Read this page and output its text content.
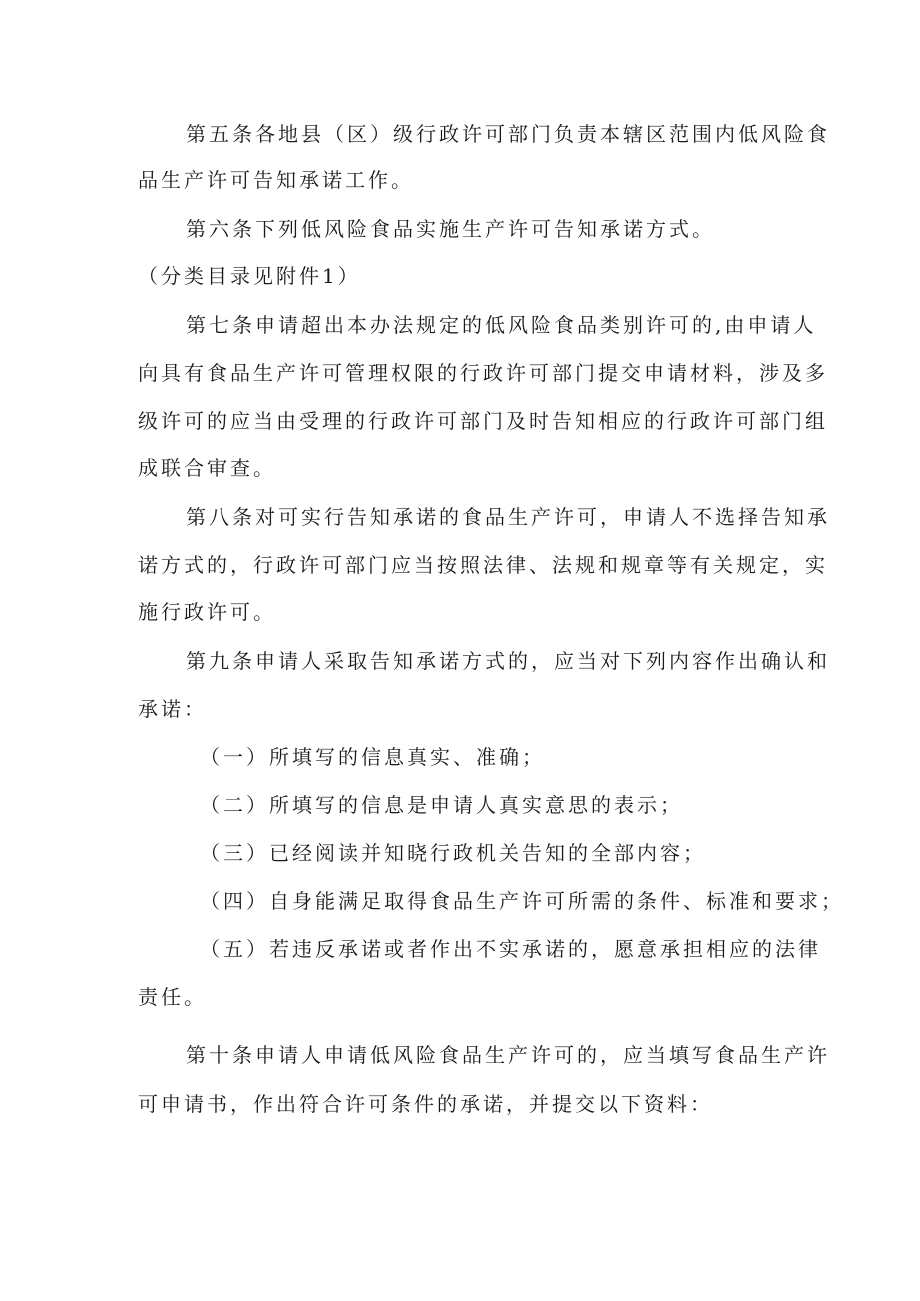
第五条各地县（区）级行政许可部门负责本辖区范围内低风险食
品生产许可告知承诺工作。
第六条下列低风险食品实施生产许可告知承诺方式。
（分类目录见附件1）
第七条申请超出本办法规定的低风险食品类别许可的,由申请人
向具有食品生产许可管理权限的行政许可部门提交申请材料，涉及多
级许可的应当由受理的行政许可部门及时告知相应的行政许可部门组
成联合审查。
第八条对可实行告知承诺的食品生产许可，申请人不选择告知承
诺方式的，行政许可部门应当按照法律、法规和规章等有关规定，实
施行政许可。
第九条申请人采取告知承诺方式的，应当对下列内容作出确认和
承诺：
（一）所填写的信息真实、准确；
（二）所填写的信息是申请人真实意思的表示；
（三）已经阅读并知晓行政机关告知的全部内容；
（四）自身能满足取得食品生产许可所需的条件、标准和要求；
（五）若违反承诺或者作出不实承诺的，愿意承担相应的法律
责任。
第十条申请人申请低风险食品生产许可的，应当填写食品生产许
可申请书，作出符合许可条件的承诺，并提交以下资料：
